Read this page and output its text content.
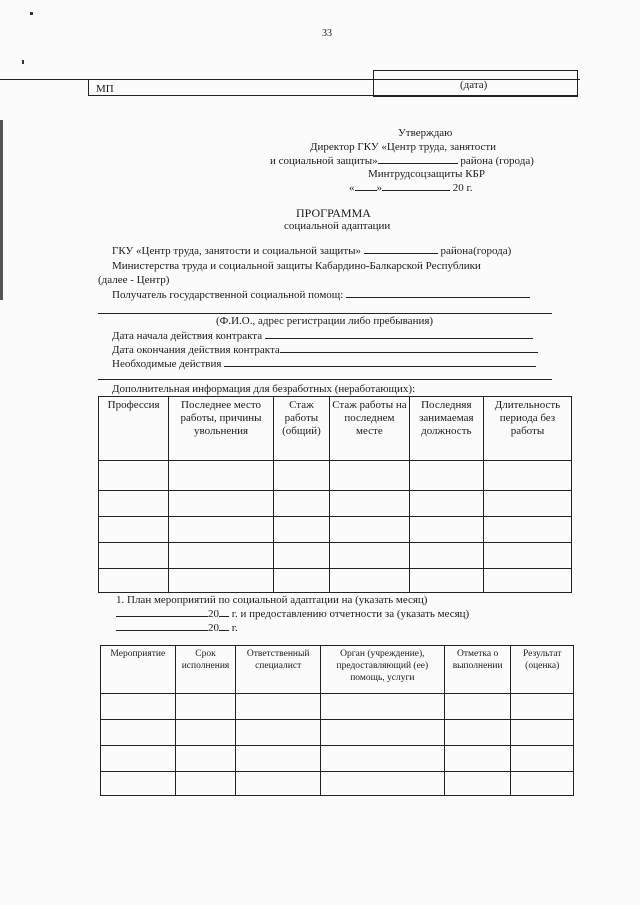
33
МП	(дата)
Утверждаю
Директор ГКУ «Центр труда, занятости
и социальной защиты»	района (города)
Минтрудсоцзащиты КБР
« »	20 г.
ПРОГРАММА
социальной адаптации
ГКУ «Центр труда, занятости и социальной защиты»	района(города)
Министерства труда и социальной защиты Кабардино-Балкарской Республики
(далее - Центр)
Получатель государственной социальной помощ:
(Ф.И.О., адрес регистрации либо пребывания)
Дата начала действия контракта
Дата окончания действия контракта
Необходимые действия
Дополнительная информация для безработных (неработающих):
Профессия	Последнее место работы, причины увольнения	Стаж работы (общий)	Стаж работы на последнем месте	Последняя занимаемая должность	Длительность периода без работы

1. План мероприятий по социальной адаптации на (указать месяц)
20 г. и предоставлению отчетности за (указать месяц)
20 г.
Мероприятие	Срок исполнения	Ответственный специалист	Орган (учреждение), предоставляющий (ее) помощь, услуги	Отметка о выполнении	Результат (оценка)
